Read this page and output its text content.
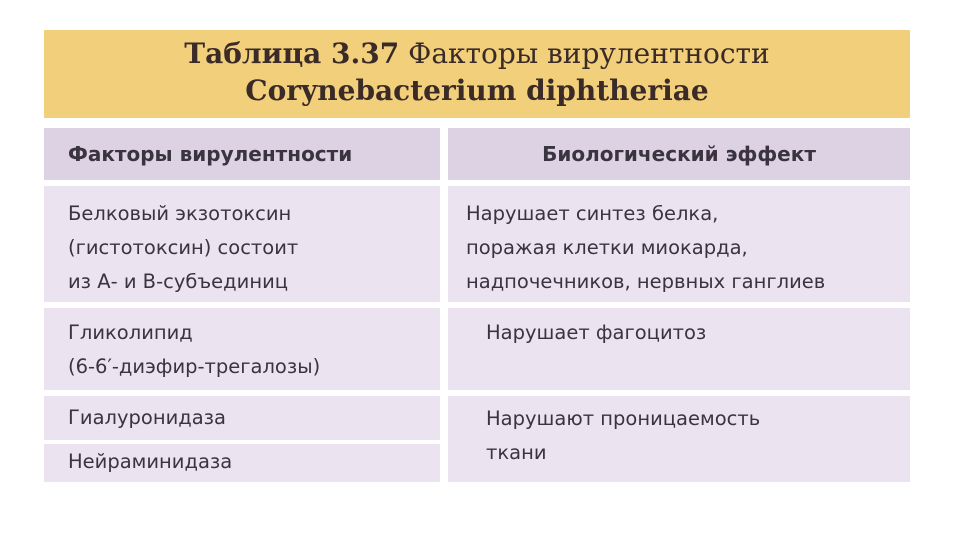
Таблица 3.37 Факторы вирулентности
Corynebacterium diphtheriae
Факторы вирулентности	Биологический эффект
Белковый экзотоксин
(гистотоксин) состоит
из А- и В-субъединиц
Нарушает синтез белка,
поражая клетки миокарда,
надпочечников, нервных ганглиев
Гликолипид
(6-6′-диэфир-трегалозы)
Нарушает фагоцитоз
Гиалуронидаза
Нейраминидаза
Нарушают проницаемость
ткани
